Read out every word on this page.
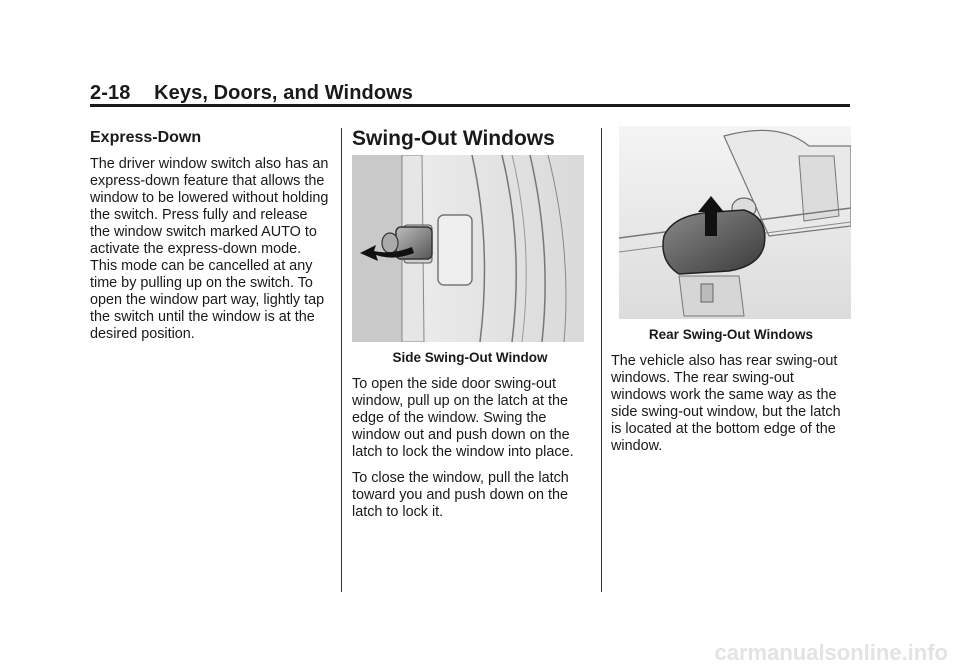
2-18 Keys, Doors, and Windows
Express-Down

The driver window switch also has an express-down feature that allows the window to be lowered without holding the switch. Press fully and release the window switch marked AUTO to activate the express-down mode. This mode can be cancelled at any time by pulling up on the switch. To open the window part way, lightly tap the switch until the window is at the desired position.

Swing-Out Windows
Side Swing-Out Window

To open the side door swing-out window, pull up on the latch at the edge of the window. Swing the window out and push down on the latch to lock the window into place.

To close the window, pull the latch toward you and push down on the latch to lock it.

Rear Swing-Out Windows

The vehicle also has rear swing-out windows. The rear swing-out windows work the same way as the side swing-out window, but the latch is located at the bottom edge of the window.

carmanualsonline.info
